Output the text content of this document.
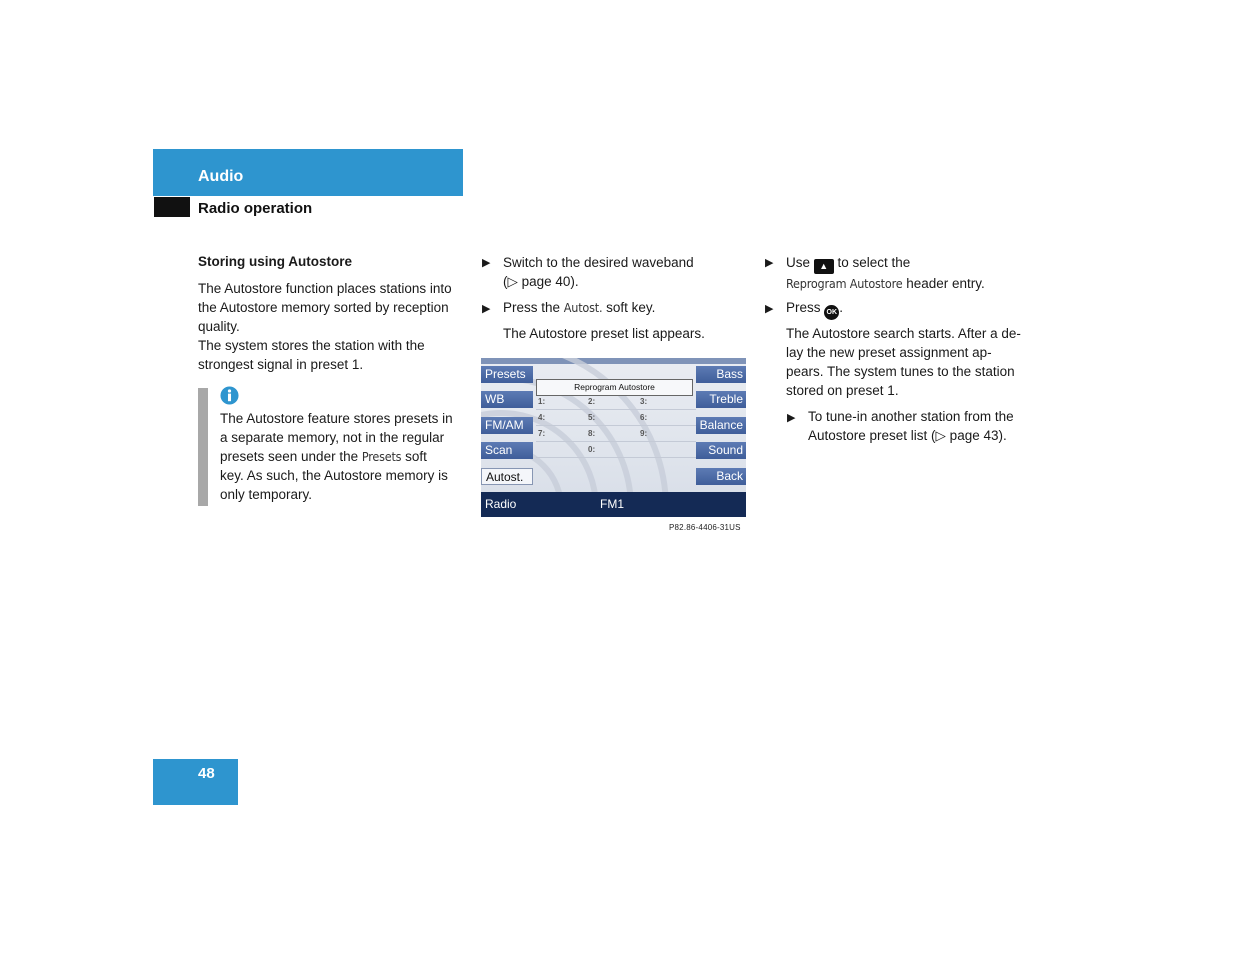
Audio
Radio operation
Storing using Autostore
The Autostore function places stations into
the Autostore memory sorted by reception
quality.
The system stores the station with the
strongest signal in preset 1.
The Autostore feature stores presets in
a separate memory, not in the regular
presets seen under the Presets soft
key. As such, the Autostore memory is
only temporary.
▶ Switch to the desired waveband
(▷ page 40).
▶ Press the Autost. soft key.
The Autostore preset list appears.
Presets
WB
FM/AM
Scan
Autost.
Bass
Treble
Balance
Sound
Back
Reprogram Autostore
1:	2:	3:
4:	5:	6:
7:	8:	9:
0:
Radio	FM1
P82.86-4406-31US
▶ Use ▲ to select the
Reprogram Autostore header entry.
▶ Press OK .
The Autostore search starts. After a de-
lay the new preset assignment ap-
pears. The system tunes to the station
stored on preset 1.
▶ To tune-in another station from the
Autostore preset list (▷ page 43).
48
